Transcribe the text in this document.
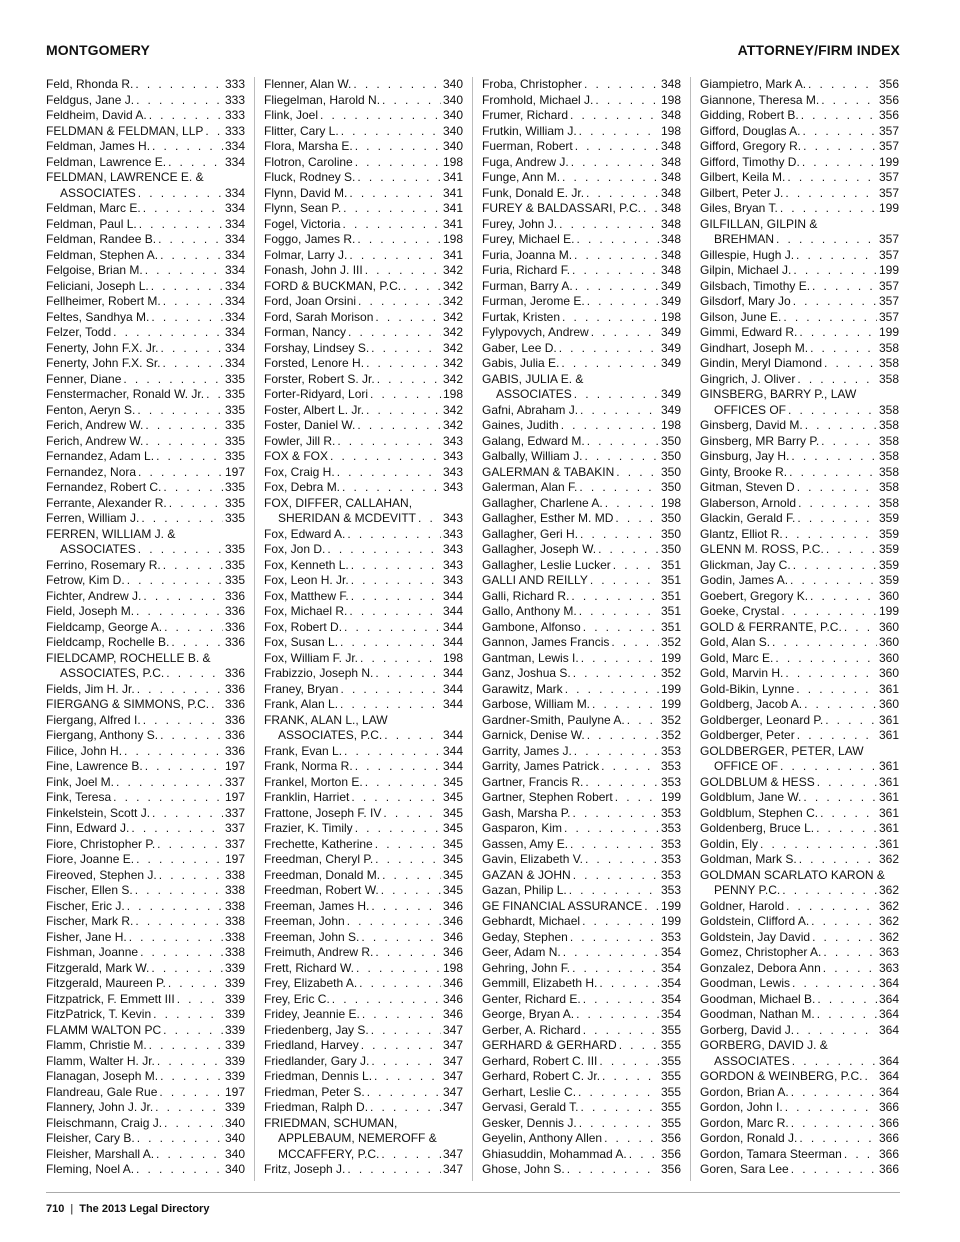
MONTGOMERY	ATTORNEY/FIRM INDEX
Feld, Rhonda R. . . .	333
Feldgus, Jane J. . . .	333
Feldheim, David A. . . .	333
FELDMAN & FELDMAN, LLP . . . 333
Feldman, James H. . . .	334
Feldman, Lawrence E. . . .	334
FELDMAN, LAWRENCE E. &
ASSOCIATES . . .	334
Feldman, Marc E. . . .	334
Feldman, Paul L. . . .	334
Feldman, Randee B. . . .	334
Feldman, Stephen A. . . .	334
Felgoise, Brian M. . . .	334
Feliciani, Joseph L. . . .	334
Fellheimer, Robert M. . . .	334
Feltes, Sandhya M. . . .	334
Felzer, Todd . . .	334
Fenerty, John F.X. Jr. . . .	334
Fenerty, John F.X. Sr. . . .	334
Fenner, Diane . . .	335
Fenstermacher, Ronald W. Jr. . . . 335
Fenton, Aeryn S. . . .	335
Ferich, Andrew W. . . .	335
Ferich, Andrew W. . . .	335
Fernandez, Adam L. . . .	335
Fernandez, Nora . . .	197
Fernandez, Robert C. . . .	335
Ferrante, Alexander R. . . .	335
Ferren, William J. . . .	335
FERREN, WILLIAM J. &
ASSOCIATES . . .	335
Ferrino, Rosemary R. . . .	335
Fetrow, Kim D. . . .	335
Fichter, Andrew J. . . .	336
Field, Joseph M. . . .	336
Fieldcamp, George A. . . .	336
Fieldcamp, Rochelle B. . . .	336
FIELDCAMP, ROCHELLE B. &
ASSOCIATES, P.C. . . .	336
Fields, Jim H. Jr. . . .	336
FIERGANG & SIMMONS, P.C. . . . 336
Fiergang, Alfred I. . . .	336
Fiergang, Anthony S. . . .	336
Filice, John H. . . .	336
Fine, Lawrence B. . . .	197
Fink, Joel M. . . .	337
Fink, Teresa . . .	197
Finkelstein, Scott J. . . .	337
Finn, Edward J. . . .	337
Fiore, Christopher P. . . .	337
Fiore, Joanne E. . . .	197
Fireoved, Stephen J. . . .	338
Fischer, Ellen S. . . .	338
Fischer, Eric J. . . .	338
Fischer, Mark R. . . .	338
Fisher, Jane H. . . .	338
Fishman, Joanne . . .	338
Fitzgerald, Mark W. . . .	339
Fitzgerald, Maureen P. . . .	339
Fitzpatrick, F. Emmett III . . .	339
FitzPatrick, T. Kevin . . .	339
FLAMM WALTON PC . . .	339
Flamm, Christie M. . . .	339
Flamm, Walter H. Jr. . . .	339
Flanagan, Joseph M. . . .	339
Flandreau, Gale Rue . . .	197
Flannery, John J. Jr. . . .	339
Fleischmann, Craig J. . . .	340
Fleisher, Cary B. . . .	340
Fleisher, Marshall A. . . .	340
Fleming, Noel A. . . .	340
Flenner, Alan W. . . .	340
Fliegelman, Harold N. . . .	340
Flink, Joel . . .	340
Flitter, Cary L. . . .	340
Flora, Marsha E. . . .	340
Flotron, Caroline . . .	198
Fluck, Rodney S. . . .	341
Flynn, David M. . . .	341
Flynn, Sean P. . . .	341
Fogel, Victoria . . .	341
Foggo, James R. . . .	198
Folmar, Larry J. . . .	341
Fonash, John J. III . . .	342
FORD & BUCKMAN, P.C. . . .	342
Ford, Joan Orsini . . .	342
Ford, Sarah Morison . . .	342
Forman, Nancy . . .	342
Forshay, Lindsey S. . . .	342
Forsted, Lenore H. . . .	342
Forster, Robert S. Jr. . . .	342
Forter-Ridyard, Lori . . .	198
Foster, Albert L. Jr. . . .	342
Foster, Daniel W. . . .	342
Fowler, Jill R. . . .	343
FOX & FOX . . .	343
Fox, Craig H. . . .	343
Fox, Debra M. . . .	343
FOX, DIFFER, CALLAHAN,
SHERIDAN & MCDEVITT . . . 343
Fox, Edward A. . . .	343
Fox, Jon D. . . .	343
Fox, Kenneth L. . . .	343
Fox, Leon H. Jr. . . .	343
Fox, Matthew F. . . .	344
Fox, Michael R. . . .	344
Fox, Robert D. . . .	344
Fox, Susan L. . . .	344
Fox, William F. Jr. . . .	198
Frabizzio, Joseph N. . . .	344
Franey, Bryan . . .	344
Frank, Alan L. . . .	344
FRANK, ALAN L., LAW
ASSOCIATES, P.C. . . .	344
Frank, Evan L. . . .	344
Frank, Norma R. . . .	344
Frankel, Morton E. . . .	345
Franklin, Harriet . . .	345
Frattone, Joseph F. IV . . .	345
Frazier, K. Timily . . .	345
Frechette, Katherine . . .	345
Freedman, Cheryl P. . . .	345
Freedman, Donald M. . . .	345
Freedman, Robert W. . . .	345
Freeman, James H. . . .	346
Freeman, John . . .	346
Freeman, John S. . . .	346
Freimuth, Andrew R. . . .	346
Frett, Richard W. . . .	198
Frey, Elizabeth A. . . .	346
Frey, Eric C. . . .	346
Fridey, Jeannie E. . . .	346
Friedenberg, Jay S. . . .	347
Friedland, Harvey . . .	347
Friedlander, Gary J. . . .	347
Friedman, Dennis L. . . .	347
Friedman, Peter S. . . .	347
Friedman, Ralph D. . . .	347
FRIEDMAN, SCHUMAN,
APPLEBAUM, NEMEROFF &
MCCAFFERY, P.C. . . .	347
Fritz, Joseph J. . . .	347
Froba, Christopher . . .	348
Fromhold, Michael J. . . .	198
Frumer, Richard . . .	348
Frutkin, William J. . . .	198
Fuerman, Robert . . .	348
Fuga, Andrew J. . . .	348
Funge, Ann M. . . .	348
Funk, Donald E. Jr. . . .	348
FUREY & BALDASSARI, P.C. . . . 348
Furey, John J. . . .	348
Furey, Michael E. . . .	348
Furia, Joanna M. . . .	348
Furia, Richard F. . . .	348
Furman, Barry A. . . .	349
Furman, Jerome E. . . .	349
Furtak, Kristen . . .	198
Fylypovych, Andrew . . .	349
Gaber, Lee D. . . .	349
Gabis, Julia E. . . .	349
GABIS, JULIA E. &
ASSOCIATES . . .	349
Gafni, Abraham J. . . .	349
Gaines, Judith . . .	198
Galang, Edward M. . . .	350
Galbally, William J. . . .	350
GALERMAN & TABAKIN . . .	350
Galerman, Alan F. . . .	350
Gallagher, Charlene A. . . .	198
Gallagher, Esther M. MD . . .	350
Gallagher, Geri H. . . .	350
Gallagher, Joseph W. . . .	350
Gallagher, Leslie Lucker . . .	351
GALLI AND REILLY . . .	351
Galli, Richard R. . . .	351
Gallo, Anthony M. . . .	351
Gambone, Alfonso . . .	351
Gannon, James Francis . . .	352
Gantman, Lewis I. . . .	199
Ganz, Joshua S. . . .	352
Garawitz, Mark . . .	199
Garbose, William M. . . .	199
Gardner-Smith, Paulyne A. . . .	352
Garnick, Denise W. . . .	352
Garrity, James J. . . .	353
Garrity, James Patrick . . .	353
Gartner, Francis R. . . .	353
Gartner, Stephen Robert . . .	199
Gash, Marsha P. . . .	353
Gasparon, Kim . . .	353
Gassen, Amy E. . . .	353
Gavin, Elizabeth V. . . .	353
GAZAN & JOHN . . .	353
Gazan, Philip L. . . .	353
GE FINANCIAL ASSURANCE . . . 199
Gebhardt, Michael . . .	199
Geday, Stephen . . .	353
Geer, Adam N. . . .	354
Gehring, John F. . . .	354
Gemmill, Elizabeth H. . . .	354
Genter, Richard E. . . .	354
George, Bryan A. . . .	354
Gerber, A. Richard . . .	355
GERHARD & GERHARD . . .	355
Gerhard, Robert C. III . . .	355
Gerhard, Robert C. Jr. . . .	355
Gerhart, Leslie C. . . .	355
Gervasi, Gerald T. . . .	355
Gesker, Dennis J. . . .	355
Geyelin, Anthony Allen . . .	356
Ghiasuddin, Mohammad A. . . .	356
Ghose, John S. . . .	356
Giampietro, Mark A. . . .	356
Giannone, Theresa M. . . .	356
Gidding, Robert B. . . .	356
Gifford, Douglas A. . . .	357
Gifford, Gregory R. . . .	357
Gifford, Timothy D. . . .	199
Gilbert, Keila M. . . .	357
Gilbert, Peter J. . . .	357
Giles, Bryan T. . . .	199
GILFILLAN, GILPIN &
BREHMAN . . .	357
Gillespie, Hugh J. . . .	357
Gilpin, Michael J. . . .	199
Gilsbach, Timothy E. . . .	357
Gilsdorf, Mary Jo . . .	357
Gilson, June E. . . .	357
Gimmi, Edward R. . . .	199
Gindhart, Joseph M. . . .	358
Gindin, Meryl Diamond . . .	358
Gingrich, J. Oliver . . .	358
GINSBERG, BARRY P., LAW
OFFICES OF . . .	358
Ginsberg, David M. . . .	358
Ginsberg, MR Barry P. . . .	358
Ginsburg, Jay H. . . .	358
Ginty, Brooke R. . . .	358
Gitman, Steven D . . .	358
Glaberson, Arnold . . .	358
Glackin, Gerald F. . . .	359
Glantz, Elliot R. . . .	359
GLENN M. ROSS, P.C. . . .	359
Glickman, Jay C. . . .	359
Godin, James A. . . .	359
Goebert, Gregory K. . . .	360
Goeke, Crystal . . .	199
GOLD & FERRANTE, P.C. . . .	360
Gold, Alan S. . . .	360
Gold, Marc E. . . .	360
Gold, Marvin H. . . .	360
Gold-Bikin, Lynne . . .	361
Goldberg, Jacob A. . . .	360
Goldberger, Leonard P. . . .	361
Goldberger, Peter . . .	361
GOLDBERGER, PETER, LAW
OFFICE OF . . .	361
GOLDBLUM & HESS . . .	361
Goldblum, Jane W. . . .	361
Goldblum, Stephen C. . . .	361
Goldenberg, Bruce L. . . .	361
Goldin, Ely . . .	361
Goldman, Mark S. . . .	362
GOLDMAN SCARLATO KARON &
PENNY P.C. . . .	362
Goldner, Harold . . .	362
Goldstein, Clifford A. . . .	362
Goldstein, Jay David . . .	362
Gomez, Christopher A. . . .	363
Gonzalez, Debora Ann . . .	363
Goodman, Lewis . . .	364
Goodman, Michael B. . . .	364
Goodman, Nathan M. . . .	364
Gorberg, David J. . . .	364
GORBERG, DAVID J. &
ASSOCIATES . . .	364
GORDON & WEINBERG, P.C. . . . 364
Gordon, Brian A. . . .	364
Gordon, John I. . . .	366
Gordon, Marc R. . . .	366
Gordon, Ronald J. . . .	366
Gordon, Tamara Steerman . . .	366
Goren, Sara Lee . . .	366
710 | The 2013 Legal Directory
